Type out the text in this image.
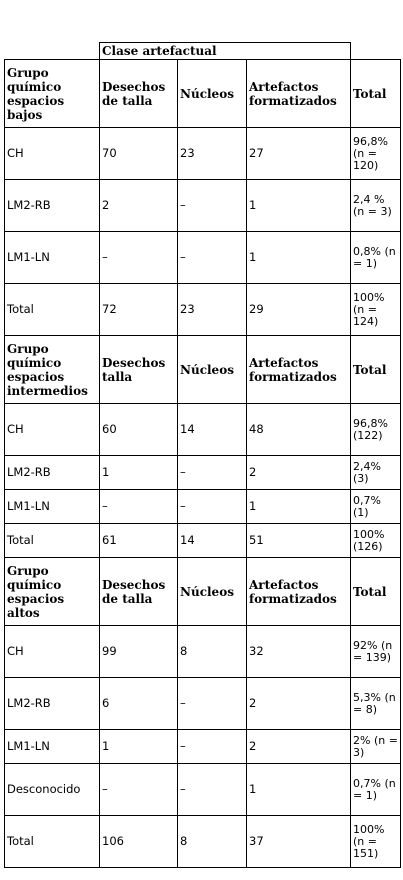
	Clase artefactual			
Grupo químico espacios bajos	Desechos de talla	Núcleos	Artefactos formatizados	Total
CH	70	23	27	96,8% (n = 120)
LM2-RB	2	–	1	2,4 % (n = 3)
LM1-LN	–	–	1	0,8% (n = 1)
Total	72	23	29	100% (n = 124)
Grupo químico espacios intermedios	Desechos talla	Núcleos	Artefactos formatizados	Total
CH	60	14	48	96,8% (122)
LM2-RB	1	–	2	2,4% (3)
LM1-LN	–	–	1	0,7% (1)
Total	61	14	51	100% (126)
Grupo químico espacios altos	Desechos de talla	Núcleos	Artefactos formatizados	Total
CH	99	8	32	92% (n = 139)
LM2-RB	6	–	2	5,3% (n = 8)
LM1-LN	1	–	2	2% (n = 3)
Desconocido	–	–	1	0,7% (n = 1)
Total	106	8	37	100% (n = 151)
